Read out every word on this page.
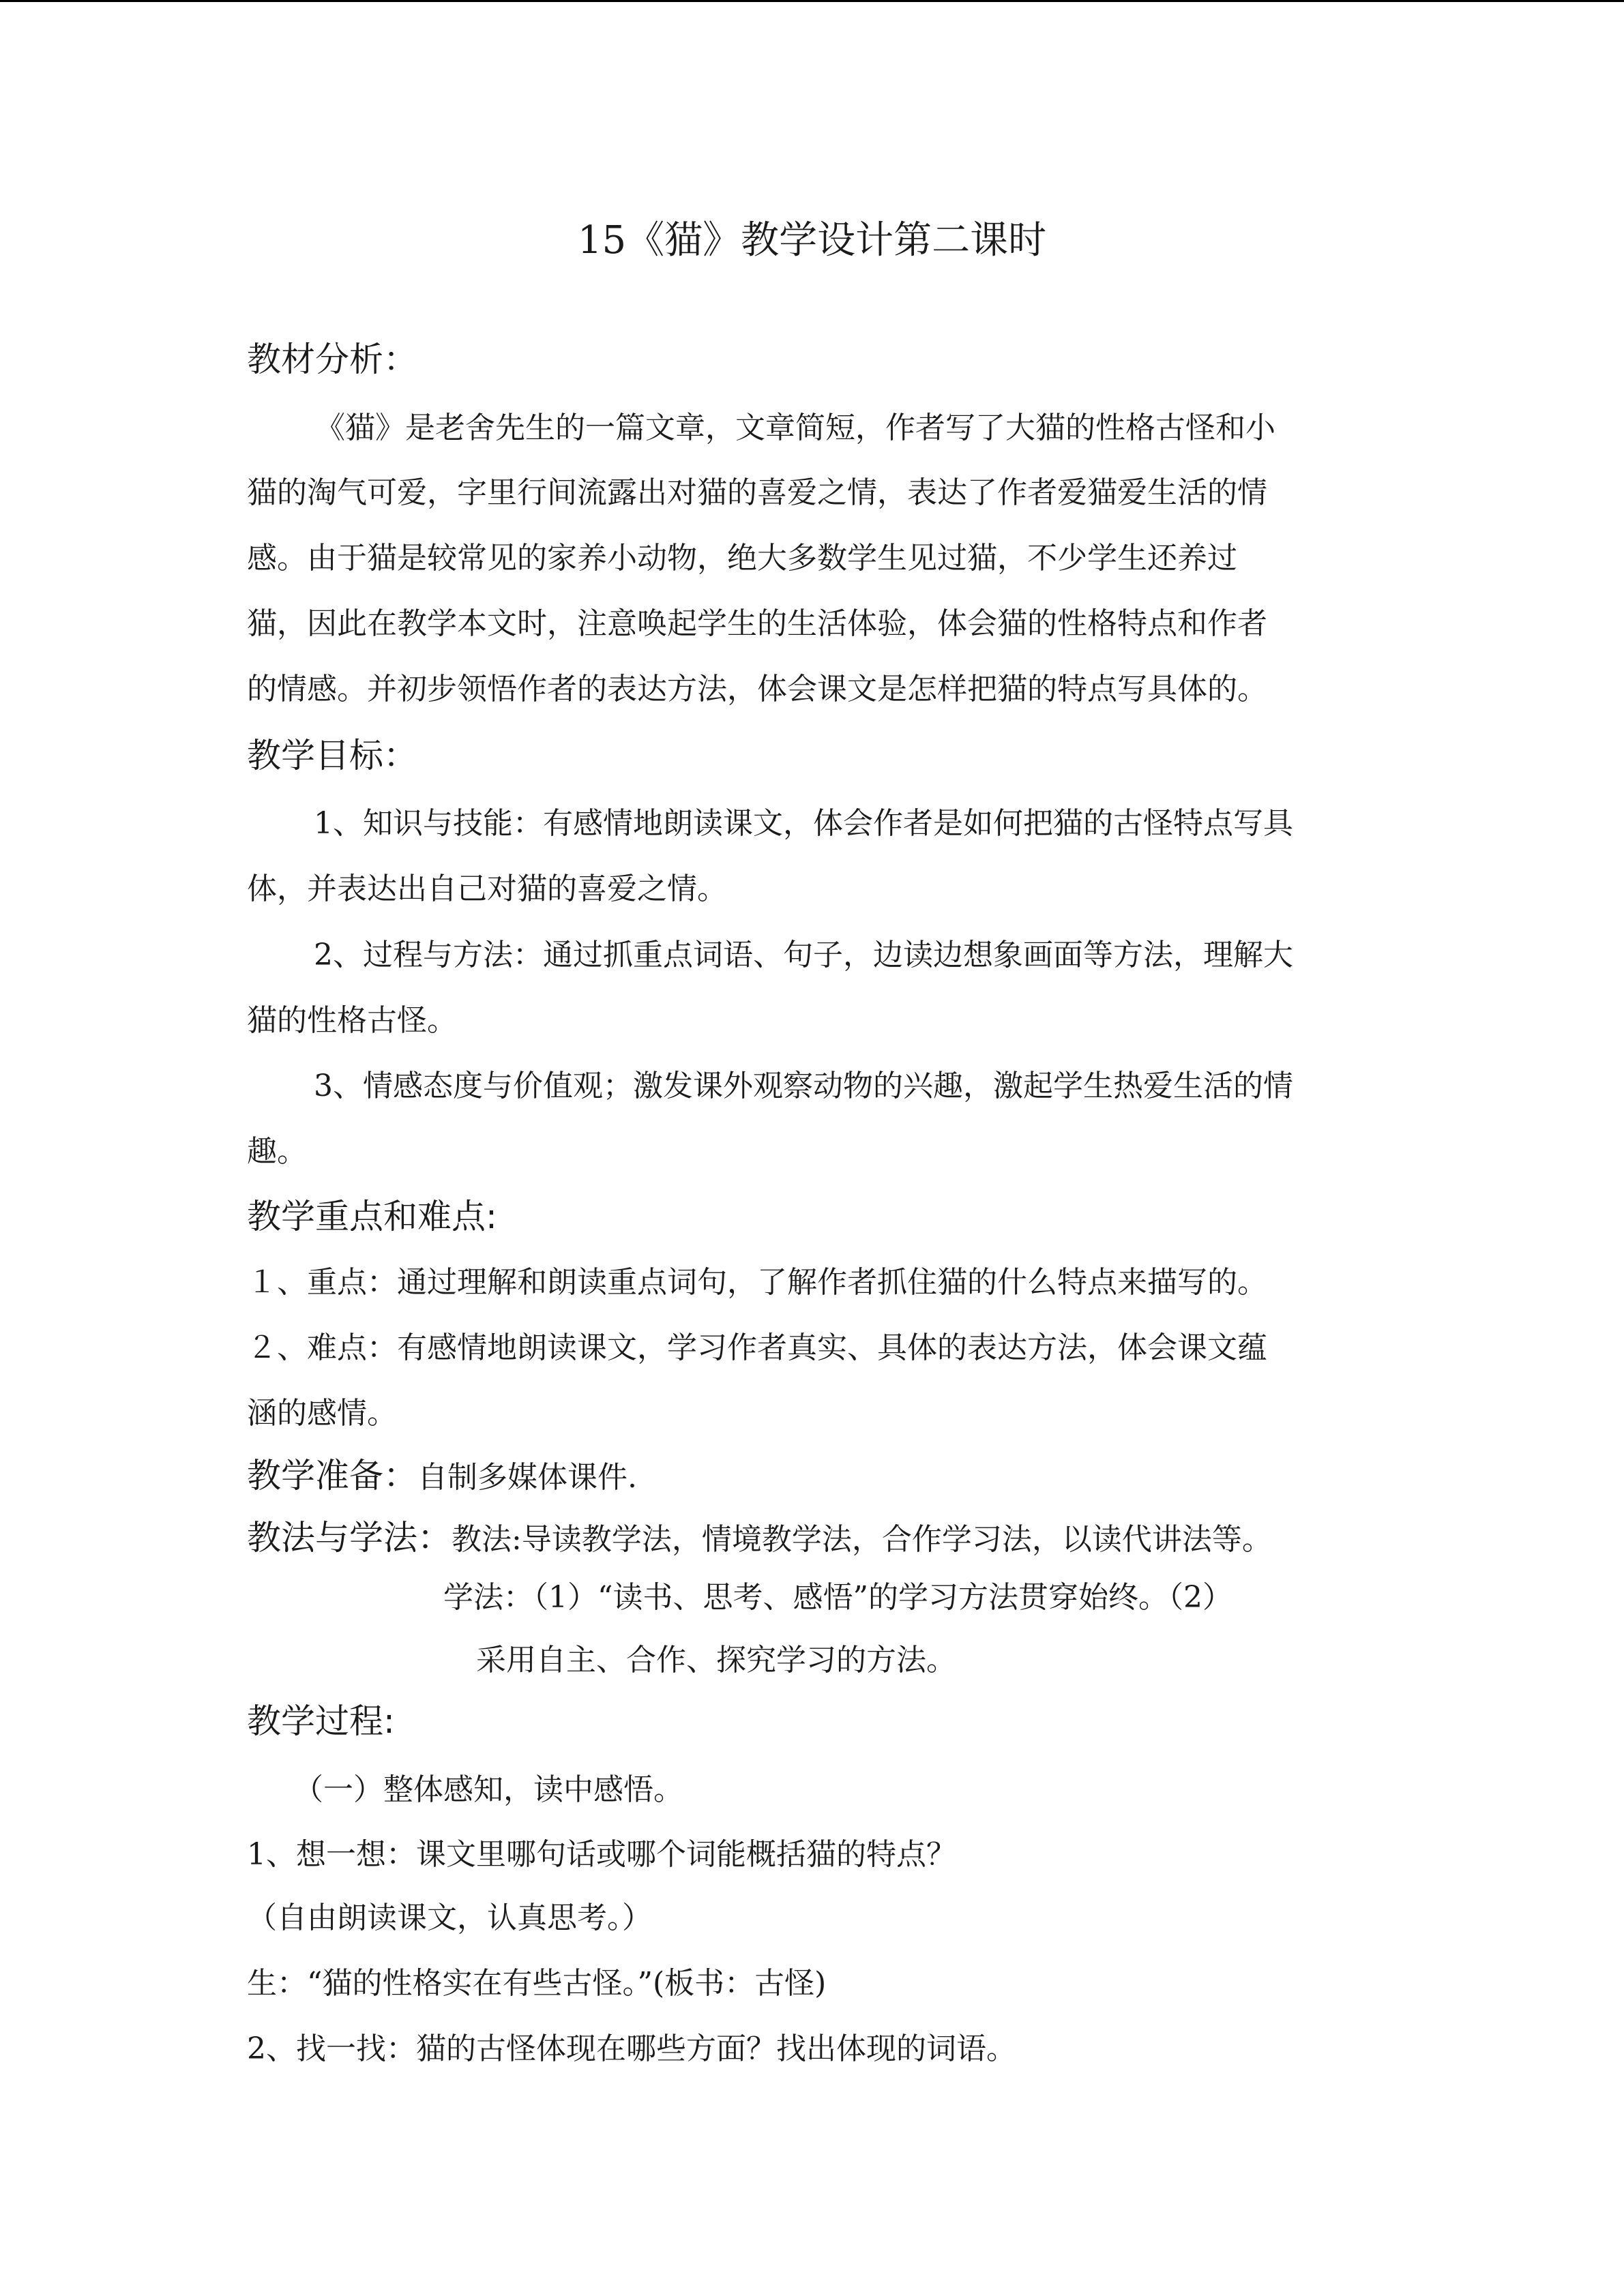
15《猫》教学设计第二课时
教材分析：
《猫》是老舍先生的一篇文章，文章简短，作者写了大猫的性格古怪和小
猫的淘气可爱，字里行间流露出对猫的喜爱之情，表达了作者爱猫爱生活的情
感。由于猫是较常见的家养小动物，绝大多数学生见过猫，不少学生还养过
猫，因此在教学本文时，注意唤起学生的生活体验，体会猫的性格特点和作者
的情感。并初步领悟作者的表达方法，体会课文是怎样把猫的特点写具体的。
教学目标：
1、知识与技能：有感情地朗读课文，体会作者是如何把猫的古怪特点写具
体，并表达出自己对猫的喜爱之情。
2、过程与方法：通过抓重点词语、句子，边读边想象画面等方法，理解大
猫的性格古怪。
3、情感态度与价值观；激发课外观察动物的兴趣，激起学生热爱生活的情
趣。
教学重点和难点:
１、重点：通过理解和朗读重点词句，了解作者抓住猫的什么特点来描写的。
２、难点：有感情地朗读课文，学习作者真实、具体的表达方法，体会课文蕴
涵的感情。
教学准备：自制多媒体课件.
教法与学法：教法:导读教学法，情境教学法，合作学习法，以读代讲法等。
学法：（1）“读书、思考、感悟”的学习方法贯穿始终。（2）
采用自主、合作、探究学习的方法。
教学过程:
（一）整体感知，读中感悟。
1、想一想：课文里哪句话或哪个词能概括猫的特点？
（自由朗读课文，认真思考。）
生：“猫的性格实在有些古怪。”(板书：古怪)
2、找一找：猫的古怪体现在哪些方面？找出体现的词语。
